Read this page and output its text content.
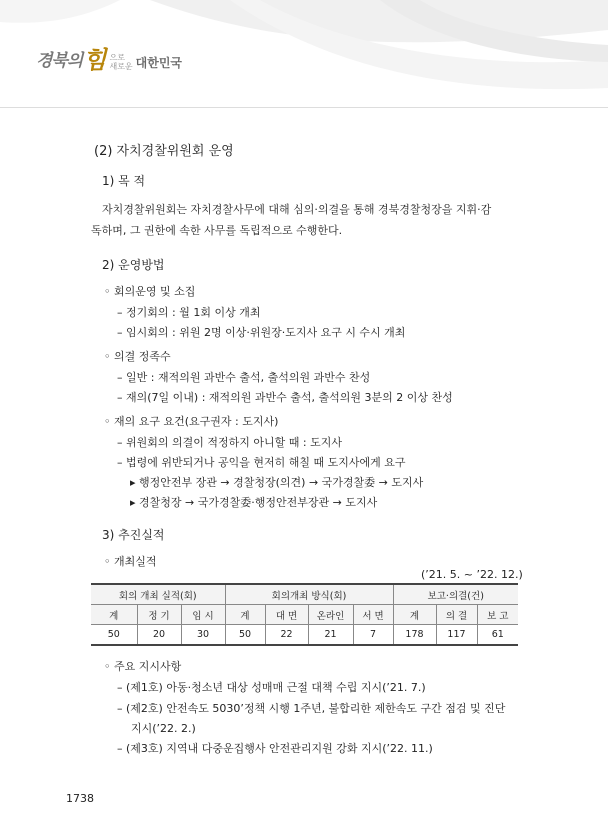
경북의 힘 으로
새로운 대한민국
(2) 자치경찰위원회 운영
1) 목 적
자치경찰위원회는 자치경찰사무에 대해 심의·의결을 통해 경북경찰청장을 지휘·감
독하며, 그 권한에 속한 사무를 독립적으로 수행한다.
2) 운영방법
◦ 회의운영 및 소집
– 정기회의 : 월 1회 이상 개최
– 임시회의 : 위원 2명 이상·위원장·도지사 요구 시 수시 개최
◦ 의결 정족수
– 일반 : 재적의원 과반수 출석, 출석의원 과반수 찬성
– 재의(7일 이내) : 재적의원 과반수 출석, 출석의원 3분의 2 이상 찬성
◦ 재의 요구 요건(요구권자 : 도지사)
– 위원회의 의결이 적정하지 아니할 때 : 도지사
– 법령에 위반되거나 공익을 현저히 해칠 때 도지사에게 요구
▸ 행정안전부 장관 → 경찰청장(의견) → 국가경찰委 → 도지사
▸ 경찰청장 → 국가경찰委·행정안전부장관 → 도지사
3) 추진실적
◦ 개최실적
(’21. 5. ~ ’22. 12.)
회의 개최 실적(회)			회의개최 방식(회)				보고·의결(건)		
계	정 기	임 시	계	대 면	온라인	서 면	계	의 결	보 고
50	20	30	50	22	21	7	178	117	61
◦ 주요 지시사항
– (제1호) 아동·청소년 대상 성매매 근절 대책 수립 지시(’21. 7.)
– (제2호) 안전속도 5030’정책 시행 1주년, 불합리한 제한속도 구간 점검 및 진단
지시(’22. 2.)
– (제3호) 지역내 다중운집행사 안전관리지원 강화 지시(’22. 11.)
1738
